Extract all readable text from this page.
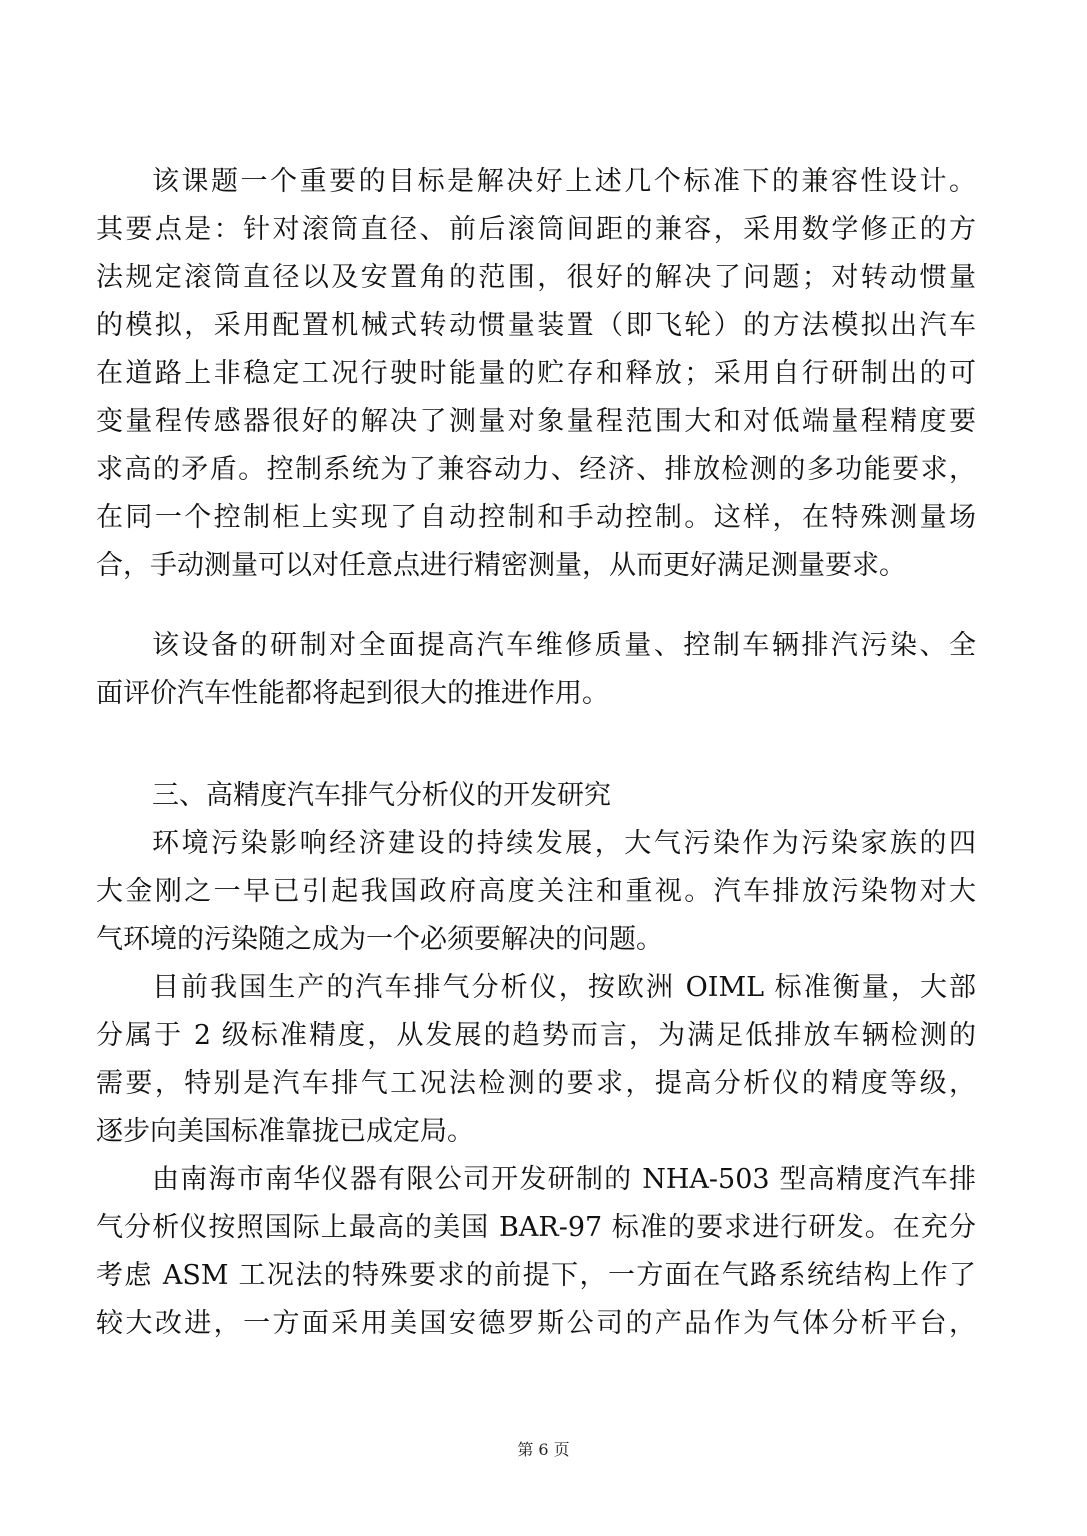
该课题一个重要的目标是解决好上述几个标准下的兼容性设计。
其要点是：针对滚筒直径、前后滚筒间距的兼容，采用数学修正的方
法规定滚筒直径以及安置角的范围，很好的解决了问题；对转动惯量
的模拟，采用配置机械式转动惯量装置（即飞轮）的方法模拟出汽车
在道路上非稳定工况行驶时能量的贮存和释放；采用自行研制出的可
变量程传感器很好的解决了测量对象量程范围大和对低端量程精度要
求高的矛盾。控制系统为了兼容动力、经济、排放检测的多功能要求，
在同一个控制柜上实现了自动控制和手动控制。这样，在特殊测量场
合，手动测量可以对任意点进行精密测量，从而更好满足测量要求。
该设备的研制对全面提高汽车维修质量、控制车辆排汽污染、全
面评价汽车性能都将起到很大的推进作用。
三、高精度汽车排气分析仪的开发研究
环境污染影响经济建设的持续发展，大气污染作为污染家族的四
大金刚之一早已引起我国政府高度关注和重视。汽车排放污染物对大
气环境的污染随之成为一个必须要解决的问题。
目前我国生产的汽车排气分析仪，按欧洲 OIML 标准衡量，大部
分属于 2 级标准精度，从发展的趋势而言，为满足低排放车辆检测的
需要，特别是汽车排气工况法检测的要求，提高分析仪的精度等级，
逐步向美国标准靠拢已成定局。
由南海市南华仪器有限公司开发研制的 NHA-503 型高精度汽车排
气分析仪按照国际上最高的美国 BAR-97 标准的要求进行研发。在充分
考虑 ASM 工况法的特殊要求的前提下，一方面在气路系统结构上作了
较大改进，一方面采用美国安德罗斯公司的产品作为气体分析平台，
第 6 页
